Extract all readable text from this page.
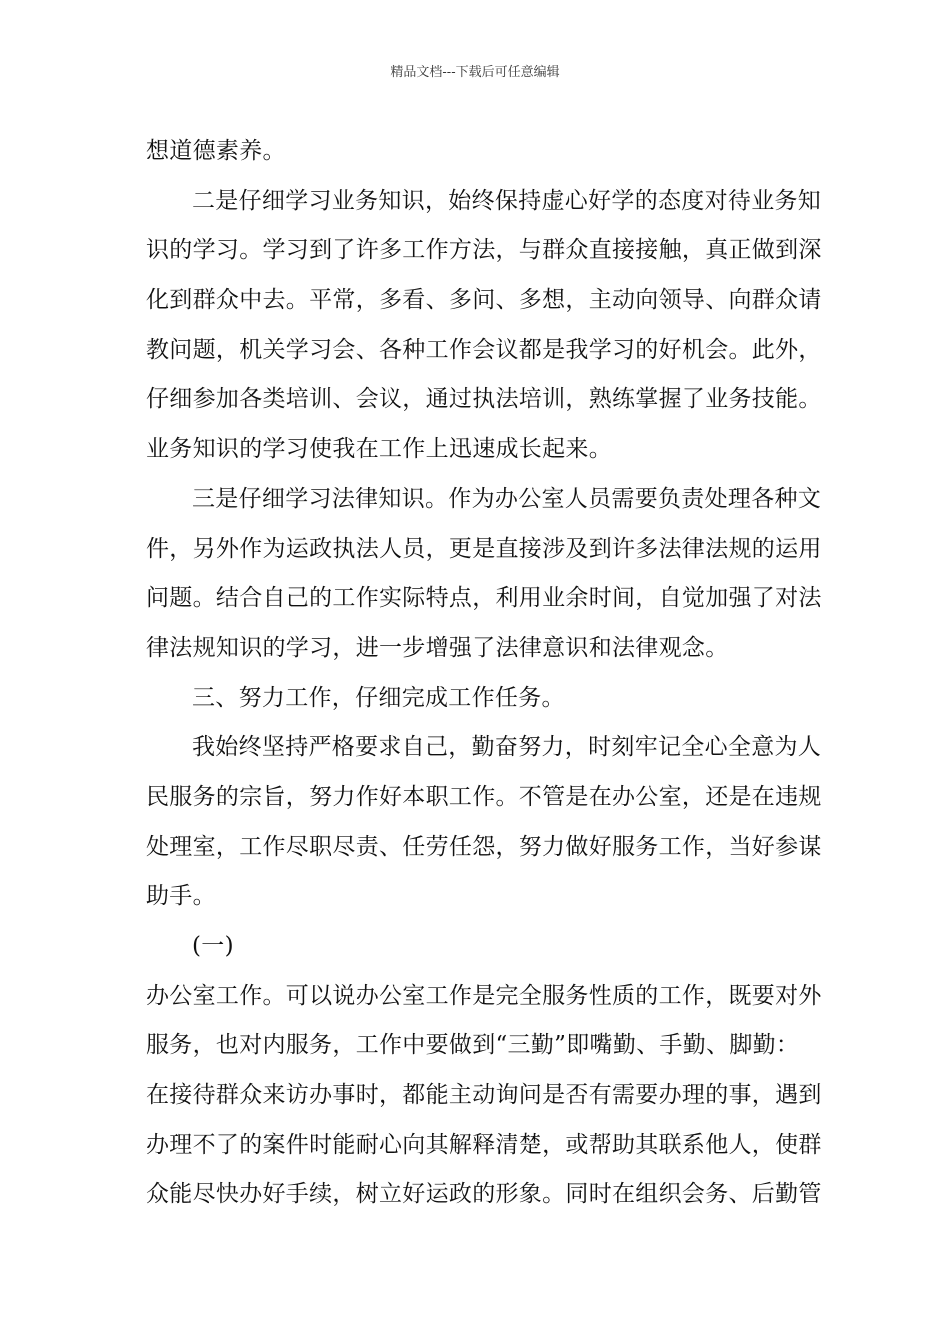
精品文档---下载后可任意编辑
想道德素养。
二是仔细学习业务知识，始终保持虚心好学的态度对待业务知
识的学习。学习到了许多工作方法，与群众直接接触，真正做到深
化到群众中去。平常，多看、多问、多想，主动向领导、向群众请
教问题，机关学习会、各种工作会议都是我学习的好机会。此外，
仔细参加各类培训、会议，通过执法培训，熟练掌握了业务技能。
业务知识的学习使我在工作上迅速成长起来。
三是仔细学习法律知识。作为办公室人员需要负责处理各种文
件，另外作为运政执法人员，更是直接涉及到许多法律法规的运用
问题。结合自己的工作实际特点，利用业余时间，自觉加强了对法
律法规知识的学习，进一步增强了法律意识和法律观念。
三、努力工作，仔细完成工作任务。
我始终坚持严格要求自己，勤奋努力，时刻牢记全心全意为人
民服务的宗旨，努力作好本职工作。不管是在办公室，还是在违规
处理室，工作尽职尽责、任劳任怨，努力做好服务工作，当好参谋
助手。
(一)
办公室工作。可以说办公室工作是完全服务性质的工作，既要对外
服务，也对内服务，工作中要做到“三勤”即嘴勤、手勤、脚勤：
在接待群众来访办事时，都能主动询问是否有需要办理的事，遇到
办理不了的案件时能耐心向其解释清楚，或帮助其联系他人，使群
众能尽快办好手续，树立好运政的形象。同时在组织会务、后勤管
